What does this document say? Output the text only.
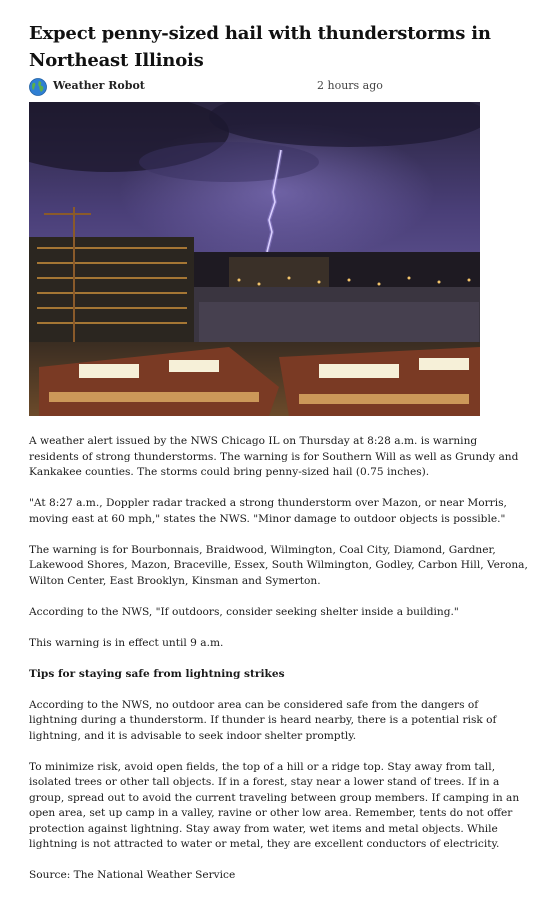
Expect penny-sized hail with thunderstorms in Northeast Illinois
Weather Robot	2 hours ago

A weather alert issued by the NWS Chicago IL on Thursday at 8:28 a.m. is warning residents of strong thunderstorms. The warning is for Southern Will as well as Grundy and Kankakee counties. The storms could bring penny-sized hail (0.75 inches).

"At 8:27 a.m., Doppler radar tracked a strong thunderstorm over Mazon, or near Morris, moving east at 60 mph," states the NWS. "Minor damage to outdoor objects is possible."

The warning is for Bourbonnais, Braidwood, Wilmington, Coal City, Diamond, Gardner, Lakewood Shores, Mazon, Braceville, Essex, South Wilmington, Godley, Carbon Hill, Verona, Wilton Center, East Brooklyn, Kinsman and Symerton.

According to the NWS, "If outdoors, consider seeking shelter inside a building."

This warning is in effect until 9 a.m.

Tips for staying safe from lightning strikes

According to the NWS, no outdoor area can be considered safe from the dangers of lightning during a thunderstorm. If thunder is heard nearby, there is a potential risk of lightning, and it is advisable to seek indoor shelter promptly.

To minimize risk, avoid open fields, the top of a hill or a ridge top. Stay away from tall, isolated trees or other tall objects. If in a forest, stay near a lower stand of trees. If in a group, spread out to avoid the current traveling between group members. If camping in an open area, set up camp in a valley, ravine or other low area. Remember, tents do not offer protection against lightning. Stay away from water, wet items and metal objects. While lightning is not attracted to water or metal, they are excellent conductors of electricity.

Source: The National Weather Service
